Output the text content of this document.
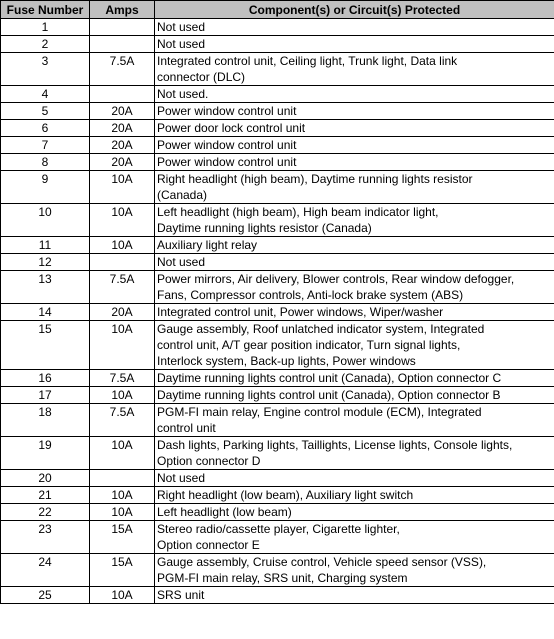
Fuse Number	Amps	Component(s) or Circuit(s) Protected
1		Not used

2		Not used

3	7.5A	Integrated control unit, Ceiling light, Trunk light, Data link
connector (DLC)

4		Not used.

5	20A	Power window control unit

6	20A	Power door lock control unit

7	20A	Power window control unit

8	20A	Power window control unit

9	10A	Right headlight (high beam), Daytime running lights resistor
(Canada)

10	10A	Left headlight (high beam), High beam indicator light,
Daytime running lights resistor (Canada)

11	10A	Auxiliary light relay

12		Not used

13	7.5A	Power mirrors, Air delivery, Blower controls, Rear window defogger,
Fans, Compressor controls, Anti-lock brake system (ABS)

14	20A	Integrated control unit, Power windows, Wiper/washer

15	10A	Gauge assembly, Roof unlatched indicator system, Integrated
control unit, A/T gear position indicator, Turn signal lights,
Interlock system, Back-up lights, Power windows

16	7.5A	Daytime running lights control unit (Canada), Option connector C

17	10A	Daytime running lights control unit (Canada), Option connector B

18	7.5A	PGM-FI main relay, Engine control module (ECM), Integrated
control unit

19	10A	Dash lights, Parking lights, Taillights, License lights, Console lights,
Option connector D

20		Not used

21	10A	Right headlight (low beam), Auxiliary light switch

22	10A	Left headlight (low beam)

23	15A	Stereo radio/cassette player, Cigarette lighter,
Option connector E

24	15A	Gauge assembly, Cruise control, Vehicle speed sensor (VSS),
PGM-FI main relay, SRS unit, Charging system

25	10A	SRS unit
